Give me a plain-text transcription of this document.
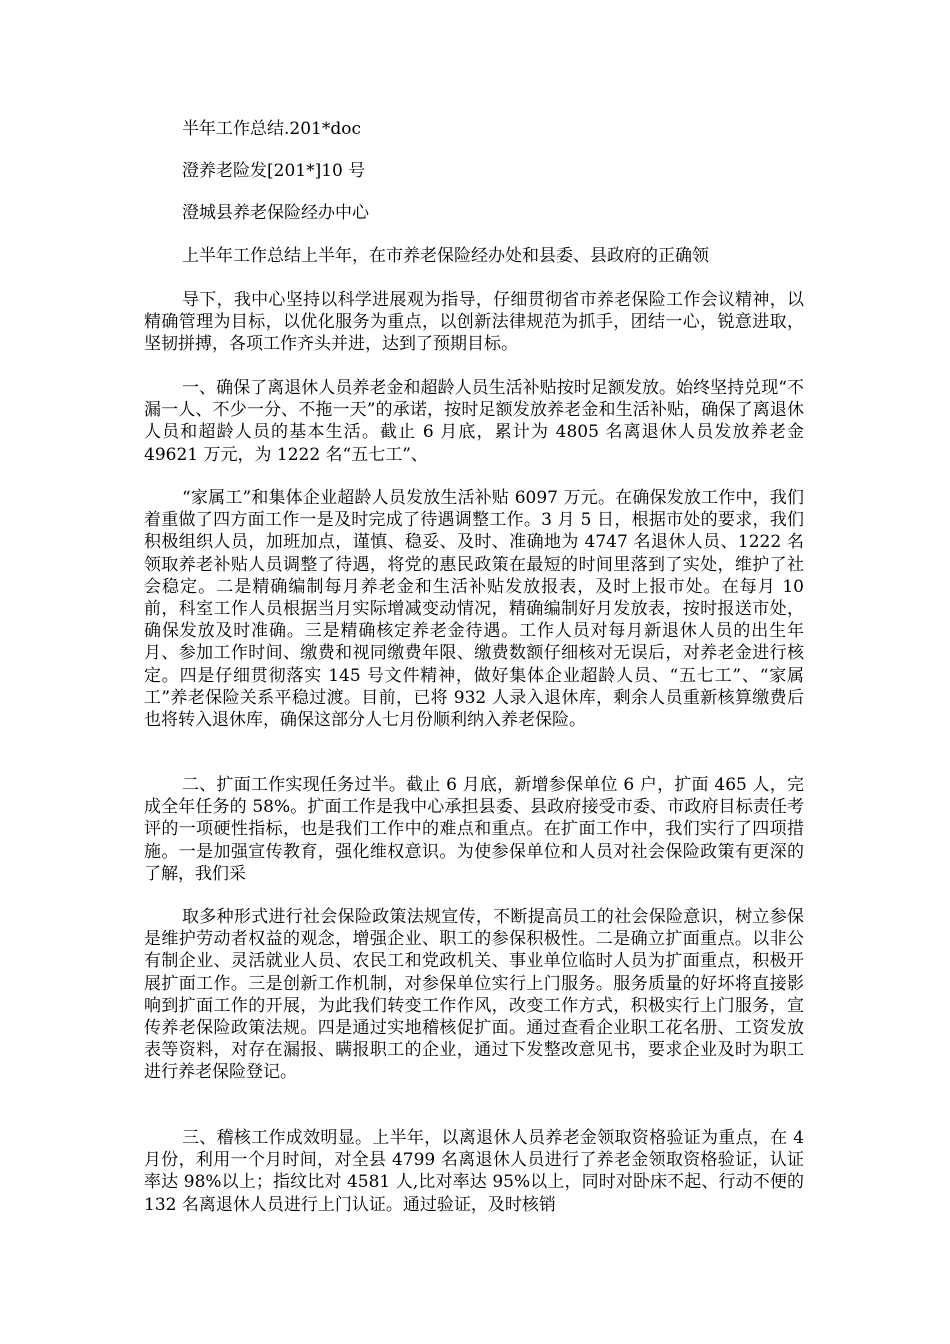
半年工作总结.201*doc
澄养老险发[201*]10 号
澄城县养老保险经办中心
上半年工作总结上半年，在市养老保险经办处和县委、县政府的正确领

导下，我中心坚持以科学进展观为指导，仔细贯彻省市养老保险工作会议精神，以精确管理为目标，以优化服务为重点，以创新法律规范为抓手，团结一心，锐意进取，坚韧拼搏，各项工作齐头并进，达到了预期目标。

一、确保了离退休人员养老金和超龄人员生活补贴按时足额发放。始终坚持兑现“不漏一人、不少一分、不拖一天”的承诺，按时足额发放养老金和生活补贴，确保了离退休人员和超龄人员的基本生活。截止 6 月底，累计为 4805 名离退休人员发放养老金 49621 万元，为 1222 名“五七工”、

“家属工”和集体企业超龄人员发放生活补贴 6097 万元。在确保发放工作中，我们着重做了四方面工作一是及时完成了待遇调整工作。3 月 5 日，根据市处的要求，我们积极组织人员，加班加点，谨慎、稳妥、及时、准确地为 4747 名退休人员、1222 名领取养老补贴人员调整了待遇，将党的惠民政策在最短的时间里落到了实处，维护了社会稳定。二是精确编制每月养老金和生活补贴发放报表，及时上报市处。在每月 10 前，科室工作人员根据当月实际增减变动情况，精确编制好月发放表，按时报送市处，确保发放及时准确。三是精确核定养老金待遇。工作人员对每月新退休人员的出生年月、参加工作时间、缴费和视同缴费年限、缴费数额仔细核对无误后，对养老金进行核定。四是仔细贯彻落实 145 号文件精神，做好集体企业超龄人员、“五七工”、“家属工”养老保险关系平稳过渡。目前，已将 932 人录入退休库，剩余人员重新核算缴费后也将转入退休库，确保这部分人七月份顺利纳入养老保险。

二、扩面工作实现任务过半。截止 6 月底，新增参保单位 6 户，扩面 465 人，完成全年任务的 58%。扩面工作是我中心承担县委、县政府接受市委、市政府目标责任考评的一项硬性指标，也是我们工作中的难点和重点。在扩面工作中，我们实行了四项措施。一是加强宣传教育，强化维权意识。为使参保单位和人员对社会保险政策有更深的了解，我们采

取多种形式进行社会保险政策法规宣传，不断提高员工的社会保险意识，树立参保是维护劳动者权益的观念，增强企业、职工的参保积极性。二是确立扩面重点。以非公有制企业、灵活就业人员、农民工和党政机关、事业单位临时人员为扩面重点，积极开展扩面工作。三是创新工作机制，对参保单位实行上门服务。服务质量的好坏将直接影响到扩面工作的开展，为此我们转变工作作风，改变工作方式，积极实行上门服务，宣传养老保险政策法规。四是通过实地稽核促扩面。通过查看企业职工花名册、工资发放表等资料，对存在漏报、瞒报职工的企业，通过下发整改意见书，要求企业及时为职工进行养老保险登记。

三、稽核工作成效明显。上半年，以离退休人员养老金领取资格验证为重点，在 4 月份，利用一个月时间，对全县 4799 名离退休人员进行了养老金领取资格验证，认证率达 98%以上；指纹比对 4581 人,比对率达 95%以上，同时对卧床不起、行动不便的 132 名离退休人员进行上门认证。通过验证，及时核销
